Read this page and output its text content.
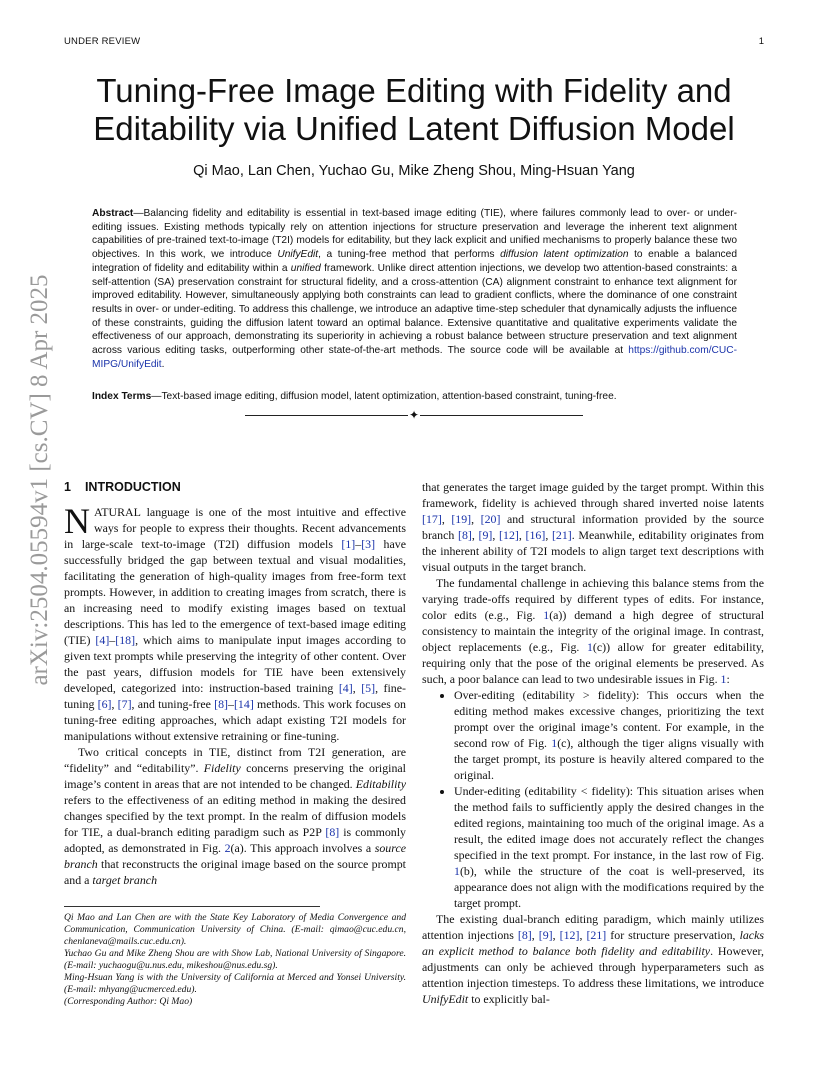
UNDER REVIEW	1
arXiv:2504.05594v1 [cs.CV] 8 Apr 2025
Tuning-Free Image Editing with Fidelity and Editability via Unified Latent Diffusion Model
Qi Mao, Lan Chen, Yuchao Gu, Mike Zheng Shou, Ming-Hsuan Yang

Abstract—Balancing fidelity and editability is essential in text-based image editing (TIE), where failures commonly lead to over- or under-editing issues. Existing methods typically rely on attention injections for structure preservation and leverage the inherent text alignment capabilities of pre-trained text-to-image (T2I) models for editability, but they lack explicit and unified mechanisms to properly balance these two objectives. In this work, we introduce UnifyEdit, a tuning-free method that performs diffusion latent optimization to enable a balanced integration of fidelity and editability within a unified framework. Unlike direct attention injections, we develop two attention-based constraints: a self-attention (SA) preservation constraint for structural fidelity, and a cross-attention (CA) alignment constraint to enhance text alignment for improved editability. However, simultaneously applying both constraints can lead to gradient conflicts, where the dominance of one constraint results in over- or under-editing. To address this challenge, we introduce an adaptive time-step scheduler that dynamically adjusts the influence of these constraints, guiding the diffusion latent toward an optimal balance. Extensive quantitative and qualitative experiments validate the effectiveness of our approach, demonstrating its superiority in achieving a robust balance between structure preservation and text alignment across various editing tasks, outperforming other state-of-the-art methods. The source code will be available at https://github.com/CUC-MIPG/UnifyEdit.

Index Terms—Text-based image editing, diffusion model, latent optimization, attention-based constraint, tuning-free.
✦
1 INTRODUCTION

NATURAL language is one of the most intuitive and effective ways for people to express their thoughts. Recent advancements in large-scale text-to-image (T2I) diffusion models [1]–[3] have successfully bridged the gap between textual and visual modalities, facilitating the generation of high-quality images from free-form text prompts. However, in addition to creating images from scratch, there is an increasing need to modify existing images based on textual descriptions. This has led to the emergence of text-based image editing (TIE) [4]–[18], which aims to manipulate input images according to given text prompts while preserving the integrity of other content. Over the past years, diffusion models for TIE have been extensively developed, categorized into: instruction-based training [4], [5], fine-tuning [6], [7], and tuning-free [8]–[14] methods. This work focuses on tuning-free editing approaches, which adapt existing T2I models for manipulations without extensive retraining or fine-tuning.

Two critical concepts in TIE, distinct from T2I generation, are “fidelity” and “editability”. Fidelity concerns preserving the original image’s content in areas that are not intended to be changed. Editability refers to the effectiveness of an editing method in making the desired changes specified by the text prompt. In the realm of diffusion models for TIE, a dual-branch editing paradigm such as P2P [8] is commonly adopted, as demonstrated in Fig. 2(a). This approach involves a source branch that reconstructs the original image based on the source prompt and a target branch

that generates the target image guided by the target prompt. Within this framework, fidelity is achieved through shared inverted noise latents [17], [19], [20] and structural information provided by the source branch [8], [9], [12], [16], [21]. Meanwhile, editability originates from the inherent ability of T2I models to align target text descriptions with visual outputs in the target branch.

The fundamental challenge in achieving this balance stems from the varying trade-offs required by different types of edits. For instance, color edits (e.g., Fig. 1(a)) demand a high degree of structural consistency to maintain the integrity of the original image. In contrast, object replacements (e.g., Fig. 1(c)) allow for greater editability, requiring only that the pose of the original elements be preserved. As such, a poor balance can lead to two undesirable issues in Fig. 1:

• Over-editing (editability > fidelity): This occurs when the editing method makes excessive changes, prioritizing the text prompt over the original image’s content. For example, in the second row of Fig. 1(c), although the tiger aligns visually with the target prompt, its posture is heavily altered compared to the original.
• Under-editing (editability < fidelity): This situation arises when the method fails to sufficiently apply the desired changes in the edited regions, maintaining too much of the original image. As a result, the edited image does not accurately reflect the changes specified in the text prompt. For instance, in the last row of Fig. 1(b), while the structure of the coat is well-preserved, its appearance does not align with the modifications required by the target prompt.

The existing dual-branch editing paradigm, which mainly utilizes attention injections [8], [9], [12], [21] for structure preservation, lacks an explicit method to balance both fidelity and editability. However, adjustments can only be achieved through hyperparameters such as attention injection timesteps. To address these limitations, we introduce UnifyEdit to explicitly bal-

Qi Mao and Lan Chen are with the State Key Laboratory of Media Convergence and Communication, Communication University of China. (E-mail: qimao@cuc.edu.cn, chenlaneva@mails.cuc.edu.cn).

Yuchao Gu and Mike Zheng Shou are with Show Lab, National University of Singapore. (E-mail: yuchaogu@u.nus.edu, mikeshou@nus.edu.sg).

Ming-Hsuan Yang is with the University of California at Merced and Yonsei University. (E-mail: mhyang@ucmerced.edu).

(Corresponding Author: Qi Mao)
